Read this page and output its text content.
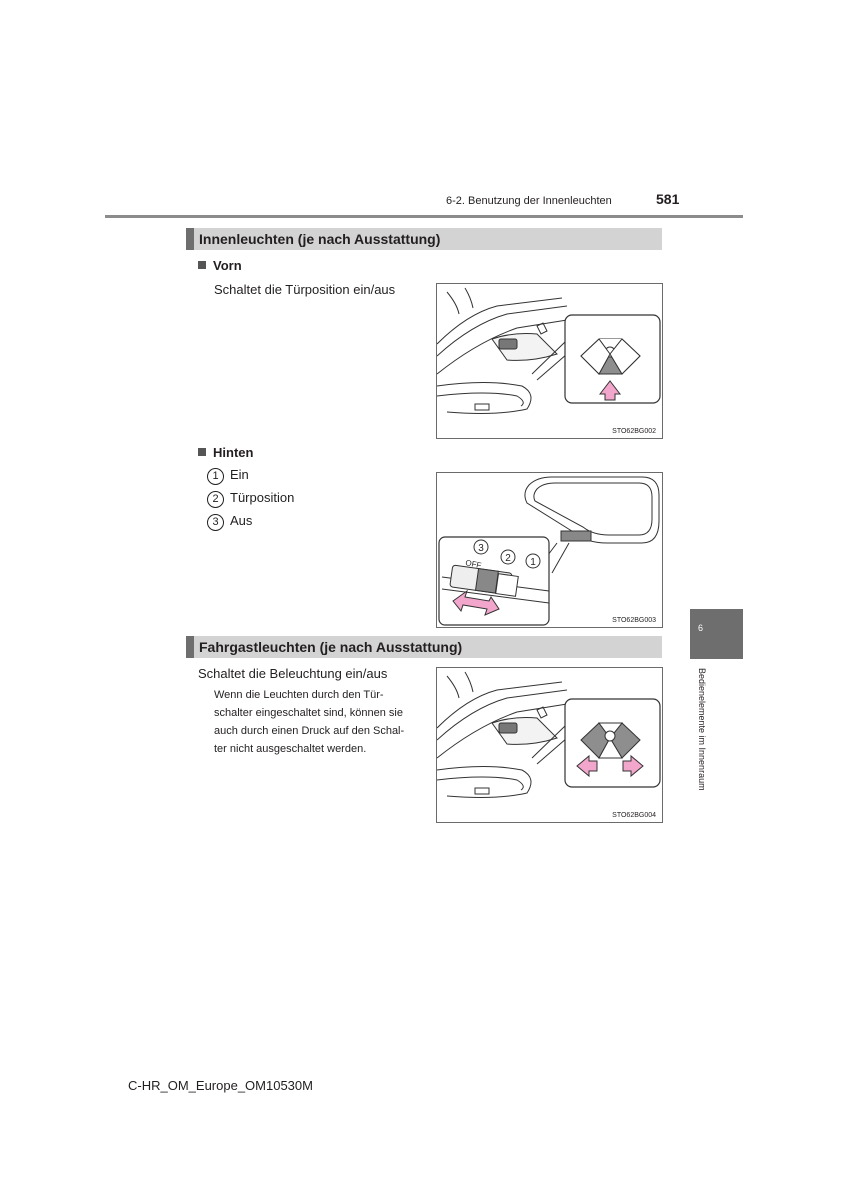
6-2. Benutzung der Innenleuchten	581
Innenleuchten (je nach Ausstattung)
Vorn
Schaltet die Türposition ein/aus
STO62BG002
Hinten
1 Ein
2 Türposition
3 Aus
3
2 1
OFF
STO62BG003
Fahrgastleuchten (je nach Ausstattung)
Schaltet die Beleuchtung ein/aus
Wenn die Leuchten durch den Tür-
schalter eingeschaltet sind, können sie
auch durch einen Druck auf den Schal-
ter nicht ausgeschaltet werden.
STO62BG004
6
Bedienelemente im Innenraum
C-HR_OM_Europe_OM10530M
